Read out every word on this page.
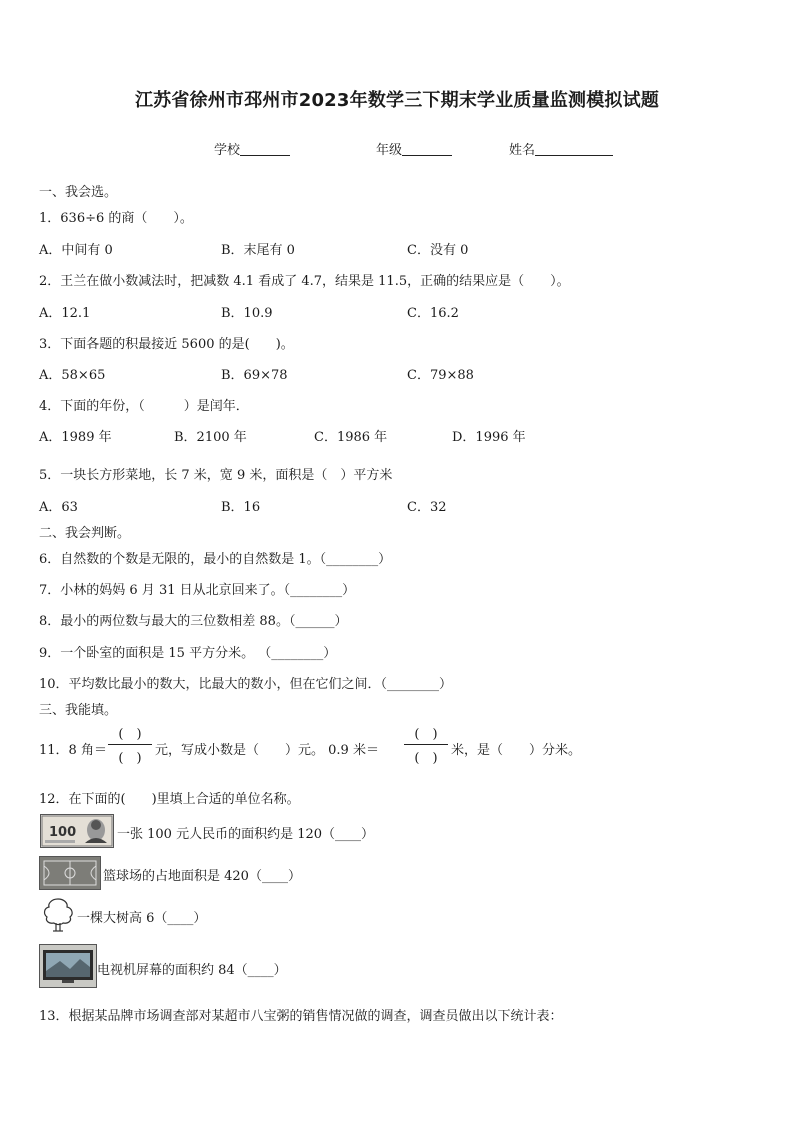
江苏省徐州市邳州市2023年数学三下期末学业质量监测模拟试题
学校	年级	姓名
一、我会选。
1．636÷6 的商（　　）。
A．中间有 0	B．末尾有 0	C．没有 0
2．王兰在做小数减法时，把减数 4.1 看成了 4.7，结果是 11.5，正确的结果应是（　　）。
A．12.1	B．10.9	C．16.2
3．下面各题的积最接近 5600 的是(　　)。
A．58×65	B．69×78	C．79×88
4．下面的年份，（　　　）是闰年．
A．1989 年	B．2100 年	C．1986 年	D．1996 年
5．一块长方形菜地，长 7 米，宽 9 米，面积是（　）平方米
A．63	B．16	C．32
二、我会判断。
6．自然数的个数是无限的，最小的自然数是 1。（________）
7．小林的妈妈 6 月 31 日从北京回来了。（________）
8．最小的两位数与最大的三位数相差 88。（______）
9．一个卧室的面积是 15 平方分米。 （________）
10．平均数比最小的数大，比最大的数小，但在它们之间．（________）
三、我能填。
11．8 角＝
(　)
(　)
元，写成小数是（　　）元。 0.9 米＝
(　)
(　)
米，是（　　）分米。
12．在下面的(　　)里填上合适的单位名称。
100	一张 100 元人民币的面积约是 120（____）
篮球场的占地面积是 420（____）
一棵大树高 6（____）
电视机屏幕的面积约 84（____）
13．根据某品牌市场调查部对某超市八宝粥的销售情况做的调查，调查员做出以下统计表：
